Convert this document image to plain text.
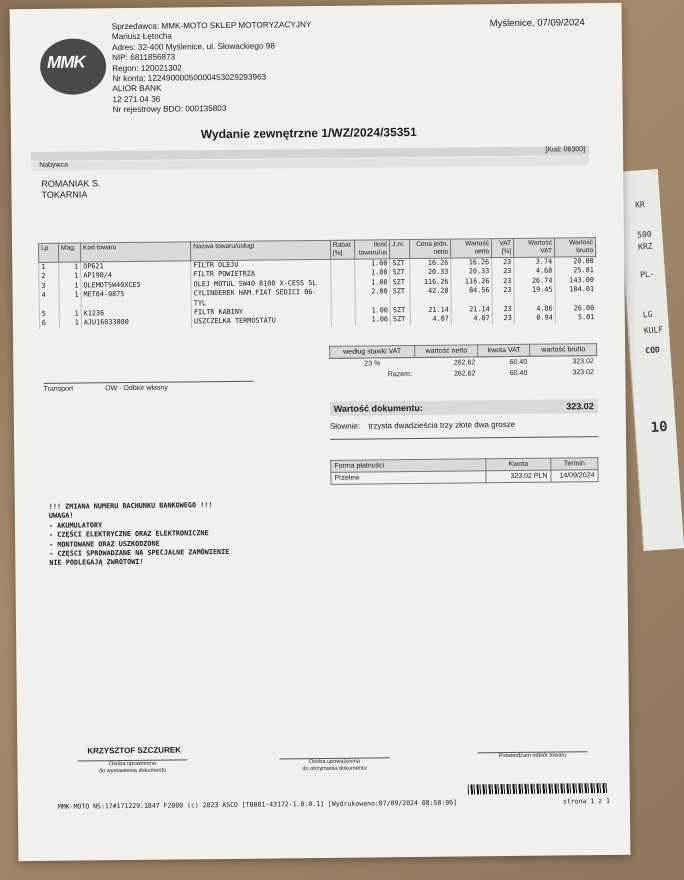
KR
500
KRZ
PL-
LG
KULF
COD
10
MMK
Sprzedawca: MMK-MOTO SKLEP MOTORYZACYJNY
Mariusz Łętocha
Adres: 32-400 Myślenice, ul. Słowackiego 98
NIP: 6811856873
Regon: 120021302
Nr konta: 12249000050000453029293963
ALIOR BANK
12 271 04 36
Nr rejestrowy BDO: 000135803
Myślenice, 07/09/2024
Wydanie zewnętrzne 1/WZ/2024/35351
[Kod: 06300]
Nabywca
ROMANIAK S.
TOKARNIA
Lp	Mag.	Kod towaru	Nazwa towaru/usługi	Rabat [%]	Ilość towaru/us	J.m.	Cena jedn. netto	Wartość netto	VAT [%]	Wartość VAT	Wartość brutto
1	1	OP621	FILTR OLEJU		1.00	SZT	16.26	16.26	23	3.74	20.00
2	1	AP190/4	FILTR POWIETRZA		1.00	SZT	20.33	20.33	23	4.68	25.01
3	1	OLEMOT5W40XCE5	OLEJ MOTUL 5W40 8100 X-CESS 5L		1.00	SZT	116.26	116.26	23	26.74	143.00
4	1	MET04-0875	CYLINDEREK HAM.FIAT SEDICI 06-TYL		2.00	SZT	42.28	84.56	23	19.45	104.01
5	1	K1236	FILTR KABINY		1.00	SZT	21.14	21.14	23	4.86	26.00
6	1	AJU16033800	USZCZELKA TERMOSTATU		1.00	SZT	4.07	4.07	23	0.94	5.01
według stawki VAT	wartość netto	kwota VAT	wartość brutto
23 %	262.62	60.40	323.02
Razem:	262.62	60.40	323.02
Transport	OW - Odbiór własny
Wartość dokumentu:	323.02
Słownie: trzysta dwadzieścia trzy złote dwa grosze
Forma płatności	Kwota	Termin
Przelew	323.02 PLN	14/09/2024
!!! ZMIANA NUMERU RACHUNKU BANKOWEGO !!!
UWAGA!
- AKUMULATORY
- CZĘŚCI ELEKTRYCZNE ORAZ ELEKTRONICZNE
- MONTOWANE ORAZ USZKODZONE
- CZĘŚCI SPROWADZANE NA SPECJALNE ZAMÓWIENIE
NIE PODLEGAJĄ ZWROTOWI!
KRZYSZTOF SZCZUREK
Osoba uprawniona
do wystawienia dokumentu
Osoba upoważniona
do otrzymania dokumentu
Potwierdzam odbiór towaru
MMK-MOTO NS:17#171229:1847 F2000 (c) 2023 ASCO [T0001-43172-1.0.0.1] [Wydrukowano:07/09/2024 08:50:06]	strona 1 z 1
